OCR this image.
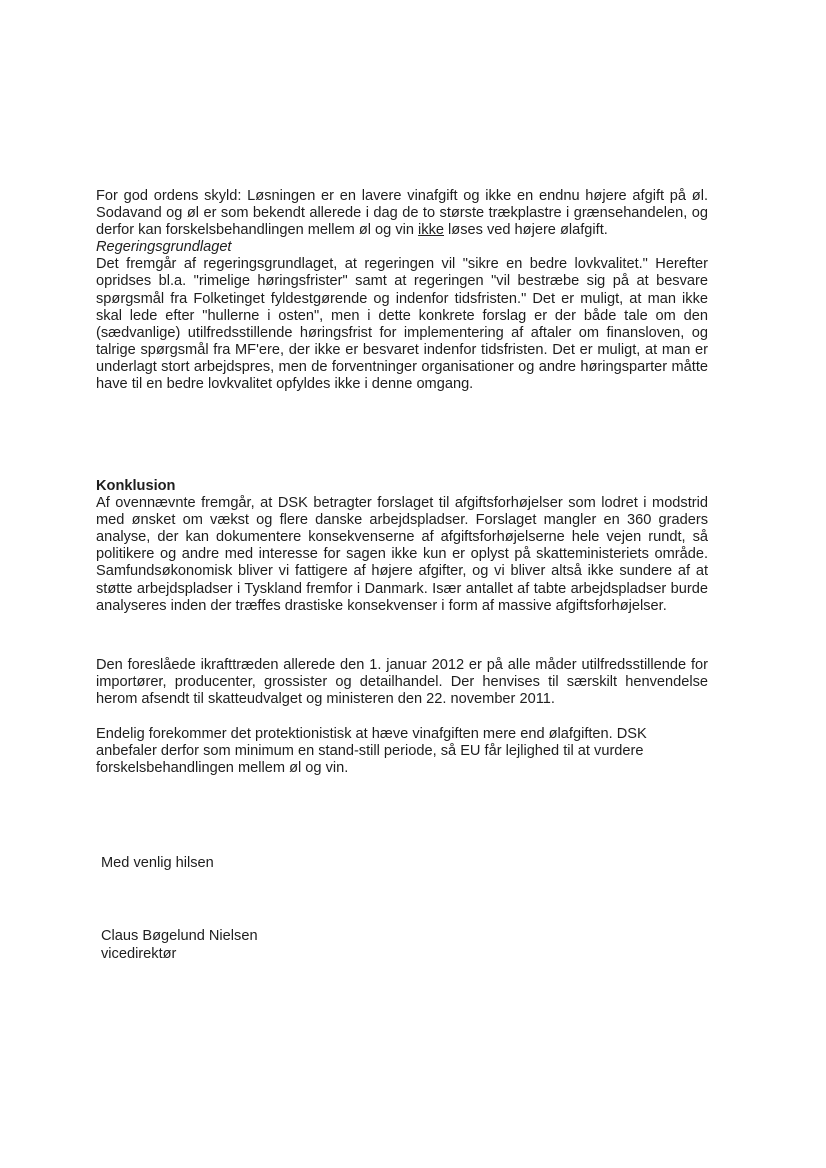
For god ordens skyld: Løsningen er en lavere vinafgift og ikke en endnu højere afgift på øl. Sodavand og øl er som bekendt allerede i dag de to største trækplastre i grænsehandelen, og derfor kan forskelsbehandlingen mellem øl og vin ikke løses ved højere ølafgift.

Regeringsgrundlaget

Det fremgår af regeringsgrundlaget, at regeringen vil "sikre en bedre lovkvalitet." Herefter opridses bl.a. "rimelige høringsfrister" samt at regeringen "vil bestræbe sig på at besvare spørgsmål fra Folketinget fyldestgørende og indenfor tidsfristen." Det er muligt, at man ikke skal lede efter "hullerne i osten", men i dette konkrete forslag er der både tale om den (sædvanlige) utilfredsstillende høringsfrist for implementering af aftaler om finansloven, og talrige spørgsmål fra MF'ere, der ikke er besvaret indenfor tidsfristen. Det er muligt, at man er underlagt stort arbejdspres, men de forventninger organisationer og andre høringsparter måtte have til en bedre lovkvalitet opfyldes ikke i denne omgang.

Konklusion

Af ovennævnte fremgår, at DSK betragter forslaget til afgiftsforhøjelser som lodret i modstrid med ønsket om vækst og flere danske arbejdspladser. Forslaget mangler en 360 graders analyse, der kan dokumentere konsekvenserne af afgiftsforhøjelserne hele vejen rundt, så politikere og andre med interesse for sagen ikke kun er oplyst på skatteministeriets område. Samfundsøkonomisk bliver vi fattigere af højere afgifter, og vi bliver altså ikke sundere af at støtte arbejdspladser i Tyskland fremfor i Danmark. Især antallet af tabte arbejdspladser burde analyseres inden der træffes drastiske konsekvenser i form af massive afgiftsforhøjelser.

Den foreslåede ikrafttræden allerede den 1. januar 2012 er på alle måder utilfredsstillende for importører, producenter, grossister og detailhandel. Der henvises til særskilt henvendelse herom afsendt til skatteudvalget og ministeren den 22. november 2011.

Endelig forekommer det protektionistisk at hæve vinafgiften mere end ølafgiften. DSK anbefaler derfor som minimum en stand-still periode, så EU får lejlighed til at vurdere forskelsbehandlingen mellem øl og vin.

Med venlig hilsen
Claus Bøgelund Nielsen
vicedirektør
